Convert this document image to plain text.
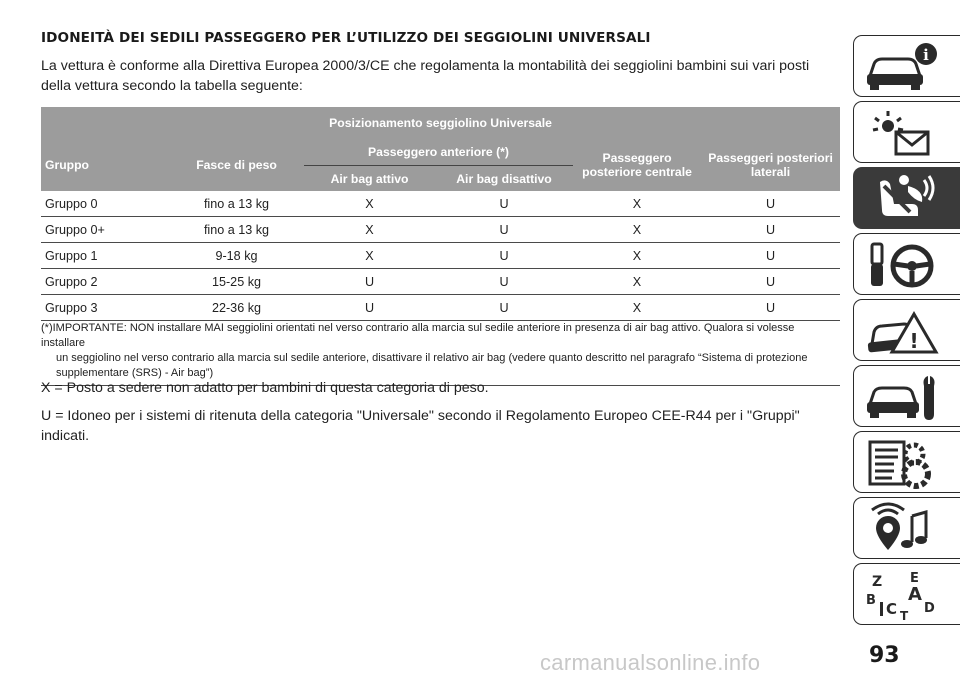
IDONEITÀ DEI SEDILI PASSEGGERO PER L’UTILIZZO DEI SEGGIOLINI UNIVERSALI
La vettura è conforme alla Direttiva Europea 2000/3/CE che regolamenta la montabilità dei seggiolini bambini sui vari posti della vettura secondo la tabella seguente:
Posizionamento seggiolino Universale					
Gruppo	Fasce di peso	Passeggero anteriore (*)		Passeggero posteriore centrale	Passeggeri posteriori laterali
		Air bag attivo	Air bag disattivo		
Gruppo 0	fino a 13 kg	X	U	X	U
Gruppo 0+	fino a 13 kg	X	U	X	U
Gruppo 1	9-18 kg	X	U	X	U
Gruppo 2	15-25 kg	U	U	X	U
Gruppo 3	22-36 kg	U	U	X	U
(*)IMPORTANTE: NON installare MAI seggiolini orientati nel verso contrario alla marcia sul sedile anteriore in presenza di air bag attivo. Qualora si volesse installare
un seggiolino nel verso contrario alla marcia sul sedile anteriore, disattivare il relativo air bag (vedere quanto descritto nel paragrafo “Sistema di protezione
supplementare (SRS) - Air bag”)

X = Posto a sedere non adatto per bambini di questa categoria di peso.

U = Idoneo per i sistemi di ritenuta della categoria "Universale" secondo il Regolamento Europeo CEE-R44 per i "Gruppi" indicati.

i
!
Z E
A
B C D
T
carmanualsonline.info	93
